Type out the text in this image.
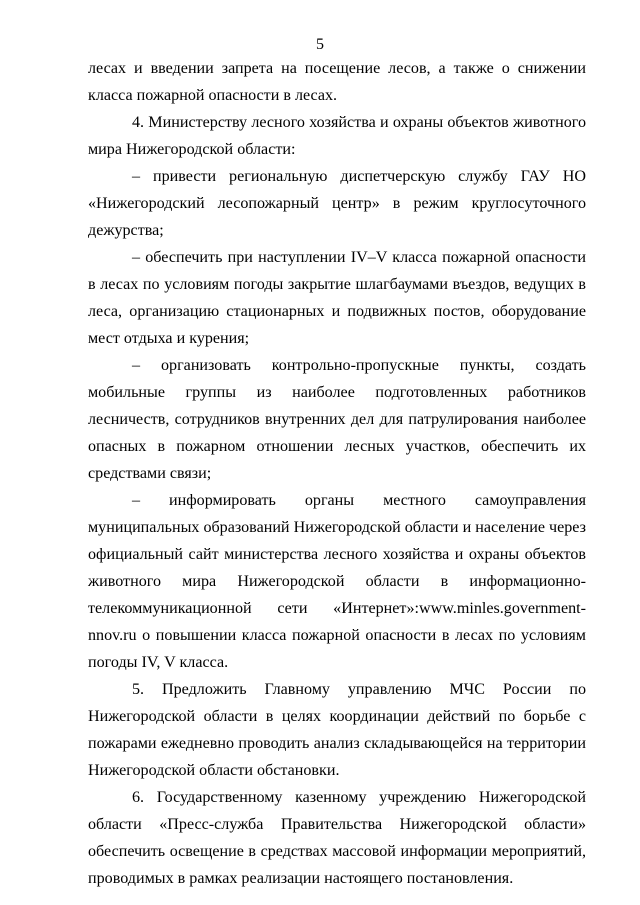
5

лесах и введении запрета на посещение лесов, а также о снижении класса пожарной опасности в лесах.

4. Министерству лесного хозяйства и охраны объектов животного мира Нижегородской области:

– привести региональную диспетчерскую службу ГАУ НО «Нижегородский лесопожарный центр» в режим круглосуточного дежурства;

– обеспечить при наступлении IV–V класса пожарной опасности в лесах по условиям погоды закрытие шлагбаумами въездов, ведущих в леса, организацию стационарных и подвижных постов, оборудование мест отдыха и курения;

– организовать контрольно-пропускные пункты, создать мобильные группы из наиболее подготовленных работников лесничеств, сотрудников внутренних дел для патрулирования наиболее опасных в пожарном отношении лесных участков, обеспечить их средствами связи;

– информировать органы местного самоуправления муниципальных образований Нижегородской области и население через официальный сайт министерства лесного хозяйства и охраны объектов животного мира Нижегородской области в информационно-телекоммуникационной сети «Интернет»:www.minles.government-nnov.ru о повышении класса пожарной опасности в лесах по условиям погоды IV, V класса.

5. Предложить Главному управлению МЧС России по Нижегородской области в целях координации действий по борьбе с пожарами ежедневно проводить анализ складывающейся на территории Нижегородской области обстановки.

6. Государственному казенному учреждению Нижегородской области «Пресс-служба Правительства Нижегородской области» обеспечить освещение в средствах массовой информации мероприятий, проводимых в рамках реализации настоящего постановления.
